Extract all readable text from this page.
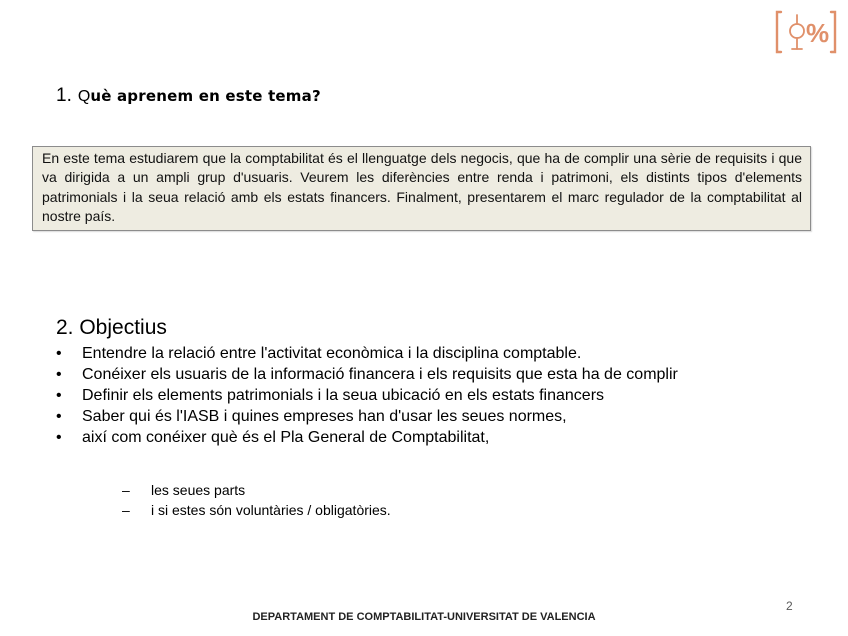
%
1. Què aprenem en este tema?
En este tema estudiarem que la comptabilitat és el llenguatge dels negocis, que ha de complir una sèrie de requisits i que va dirigida a un ampli grup d'usuaris. Veurem les diferències entre renda i patrimoni, els distints tipos d'elements patrimonials i la seua relació amb els estats financers. Finalment, presentarem el marc regulador de la comptabilitat al nostre país.
2. Objectius
• Entendre la relació entre l'activitat econòmica i la disciplina comptable.
• Conéixer els usuaris de la informació financera i els requisits que esta ha de complir
• Definir els elements patrimonials i la seua ubicació en els estats financers
• Saber qui és l'IASB i quines empreses han d'usar les seues normes,
• així com conéixer què és el Pla General de Comptabilitat,
– les seues parts
– i si estes són voluntàries / obligatòries.
2
DEPARTAMENT DE COMPTABILITAT-UNIVERSITAT DE VALENCIA
